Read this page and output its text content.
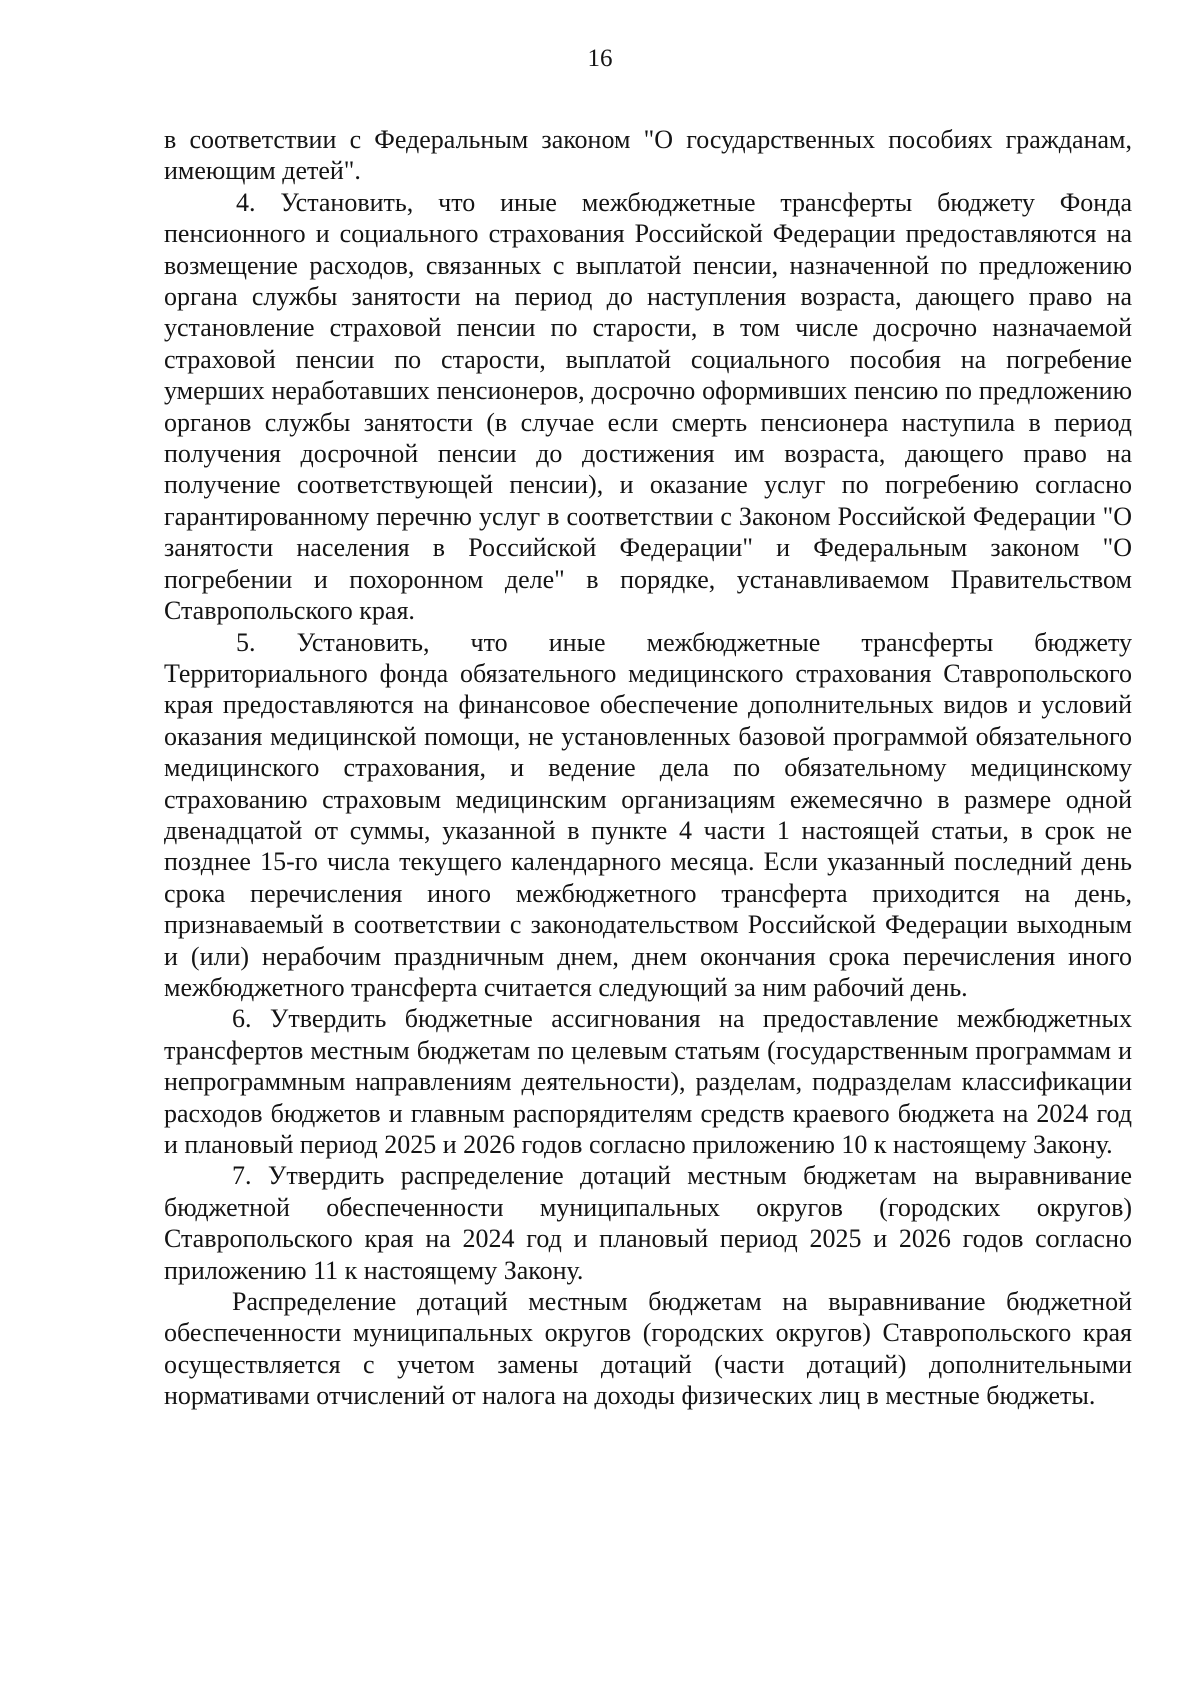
16

в соответствии с Федеральным законом "О государственных пособиях гражданам, имеющим детей".

4. Установить, что иные межбюджетные трансферты бюджету Фонда пенсионного и социального страхования Российской Федерации предоставляются на возмещение расходов, связанных с выплатой пенсии, назначенной по предложению органа службы занятости на период до наступления возраста, дающего право на установление страховой пенсии по старости, в том числе досрочно назначаемой страховой пенсии по старости, выплатой социального пособия на погребение умерших неработавших пенсионеров, досрочно оформивших пенсию по предложению органов службы занятости (в случае если смерть пенсионера наступила в период получения досрочной пенсии до достижения им возраста, дающего право на получение соответствующей пенсии), и оказание услуг по погребению согласно гарантированному перечню услуг в соответствии с Законом Российской Федерации "О занятости населения в Российской Федерации" и Федеральным законом "О погребении и похоронном деле" в порядке, устанавливаемом Правительством Ставропольского края.

5. Установить, что иные межбюджетные трансферты бюджету Территориального фонда обязательного медицинского страхования Ставропольского края предоставляются на финансовое обеспечение дополнительных видов и условий оказания медицинской помощи, не установленных базовой программой обязательного медицинского страхования, и ведение дела по обязательному медицинскому страхованию страховым медицинским организациям ежемесячно в размере одной двенадцатой от суммы, указанной в пункте 4 части 1 настоящей статьи, в срок не позднее 15-го числа текущего календарного месяца. Если указанный последний день срока перечисления иного межбюджетного трансферта приходится на день, признаваемый в соответствии с законодательством Российской Федерации выходным и (или) нерабочим праздничным днем, днем окончания срока перечисления иного межбюджетного трансферта считается следующий за ним рабочий день.

6. Утвердить бюджетные ассигнования на предоставление межбюджетных трансфертов местным бюджетам по целевым статьям (государственным программам и непрограммным направлениям деятельности), разделам, подразделам классификации расходов бюджетов и главным распорядителям средств краевого бюджета на 2024 год и плановый период 2025 и 2026 годов согласно приложению 10 к настоящему Закону.

7. Утвердить распределение дотаций местным бюджетам на выравнивание бюджетной обеспеченности муниципальных округов (городских округов) Ставропольского края на 2024 год и плановый период 2025 и 2026 годов согласно приложению 11 к настоящему Закону.

Распределение дотаций местным бюджетам на выравнивание бюджетной обеспеченности муниципальных округов (городских округов) Ставропольского края осуществляется с учетом замены дотаций (части дотаций) дополнительными нормативами отчислений от налога на доходы физических лиц в местные бюджеты.
